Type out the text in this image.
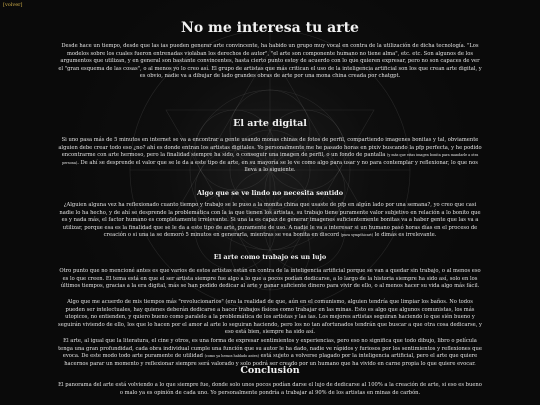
[volver]
No me interesa tu arte

Desde hace un tiempo, desde que las ias pueden generar arte convincente, ha habido un grupo muy vocal en contra de la utilización de dicha tecnología. "Los modelos sobre los cuales fueron entrenadas violaban los derechos de autor", "el arte son componente humano no tiene alma", etc. etc. Son algunos de los argumentos que utilizan, y en general son bastante convincentes, hasta cierto punto estoy de acuerdo con lo que quieren expresar, pero no son capaces de ver el "gran esquema de las cosas", o al menos yo lo creo así. El grupo de artistas que más critican el uso de la inteligencia artificial son los que crean arte digital, y es obvio, nadie va a dibujar de lado grandes obras de arte por una mona china creada por chatgpt.

El arte digital

Si uno pasa más de 5 minutos en internet se va a encontrar a gente usando monas chinas de fotos de perfil, compartiendo imagenes bonitas y tal, obviamente alguien debe crear todo eso ¿no? ahí es donde entran los artistas digitales. Yo personalmente me he pasado horas en pixiv buscando la pfp perfecta, y he podido encontrarme con arte hermoso, pero la finalidad siempre ha sido, o conseguir una imagen de perfil, o un fondo de pantalla (y más que eitas imagen bonita para mandarle a otra persona). De ahí se desprende el valor que se le da a este tipo de arte, en su mayoría se le ve como algo para usar y no para contemplar y reflexionar, lo que nos lleva a lo siguiente.

Algo que se ve lindo no necesita sentido

¿Alguien alguna vez ha reflexionado cuanto tiempo y trabajo se le puso a la monita china que usaste de pfp en algún lado por una semana?, yo creo que casi nadie lo ha hecho, y de ahí se desprende la problemática con la ia que tienen los artistas, su trabajo tiene puramente valor subjetivo en relación a lo bonito que es y nada más, el factor humano es completamente irrelevante. Si una ia es capaz de generar imagenes suficientemente bonitas va a haber gente que las va a utilizar, porque esa es la finalidad que se le da a este tipo de arte, puramente de uso. A nadie le va a interesar si un humano pasó horas días en el proceso de creación o si una ia se demoró 5 minutos en generarla, mientras se vea bonita en discord (pura sympthicart) le dimás es irrelevante.

El arte como trabajo es un lujo

Otro punto que no mencioné antes es que varios de estos artistas están en contra de la inteligencia artificial porque se van a quedar sin trabajo, o al menos eso es lo que creen. El tema está en que el ser artista siempre fue algo a lo que a pocos podían dedicarse, a lo largo de la historia siempre ha sido así, solo en los últimos tiempos, gracias a la era digital, más se han podido dedicar al arte y ganar suficiente dinero para vivir de ello, o al menos hacer su vida algo más fácil.

Algo que me acuerdo de mis tiempos más "revolucionarios" (era la realidad de que, aún en el comunismo, alguien tendría que limpiar los baños. No todos pueden ser intelectuales, hay quienes deberán dedicarse a hacer trabajos físicos como trabajar en las minas. Esto es algo que algunos comunistas, los más utopicos, no entienden, y quiero bueno como paralelo a la problemática de los artistas y las ias. Los mejores artistas seguiran haciendo lo que sién bueno y seguirán viviendo de ello, los que lo hacen por el amor al arte lo seguiran haciendo, pero los no tan afortunados tendrán que buscar a que otra cosa dedicarse, y eso está bien, siempre ha sido así.

El arte, al igual que la literatura, el cine y otros, es una forma de expresar sentimientos y experiencias, pero eso no significa que todo dibujo, libro o película tenga una gran profundidad, cada obra individual cumple una función que su autor le ha dado, nadie ve rápidos y furiosos por los sentimientos y reflexiones que evoca. De este modo todo arte puramente de utilidad (como ya hemos hablado antes) está sujeto a volverse plagado por la inteligencia artificial, pero el arte que quiere hacernos parar un momento y reflexionar siempre será valorado y solo podrá ser creado por un humano que ha vivido en carne propia lo que quiere evocar.

Conclusión

El panorama del arte está volviendo a lo que siempre fue, donde solo unos pocos podían darse el lujo de dedicarse al 100% a la creación de arte, si eso es bueno o malo ya es opinión de cada uno. Yo personalmente pondría a trabajar al 90% de los artistas en minas de carbón.
